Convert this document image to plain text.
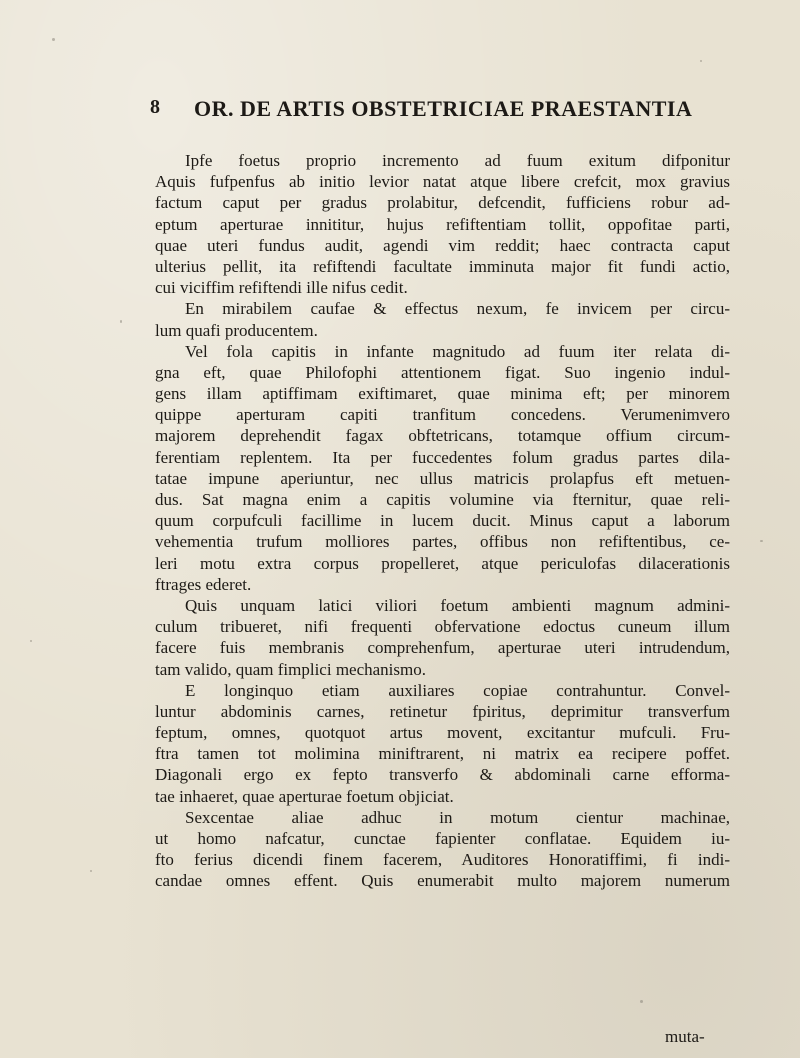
8 OR. DE ARTIS OBSTETRICIAE PRAESTANTIA
Ipfe foetus proprio incremento ad fuum exitum difponitur
Aquis fufpenfus ab initio levior natat atque libere crefcit, mox gravius
factum caput per gradus prolabitur, defcendit, fufficiens robur ad-
eptum aperturae innititur, hujus refiftentiam tollit, oppofitae parti,
quae uteri fundus audit, agendi vim reddit; haec contracta caput
ulterius pellit, ita refiftendi facultate imminuta major fit fundi actio,
cui viciffim refiftendi ille nifus cedit.
En mirabilem caufae & effectus nexum, fe invicem per circu-
lum quafi producentem.
Vel fola capitis in infante magnitudo ad fuum iter relata di-
gna eft, quae Philofophi attentionem figat. Suo ingenio indul-
gens illam aptiffimam exiftimaret, quae minima eft; per minorem
quippe aperturam capiti tranfitum concedens. Verumenimvero
majorem deprehendit fagax obftetricans, totamque offium circum-
ferentiam replentem. Ita per fuccedentes folum gradus partes dila-
tatae impune aperiuntur, nec ullus matricis prolapfus eft metuen-
dus. Sat magna enim a capitis volumine via fternitur, quae reli-
quum corpufculi facillime in lucem ducit. Minus caput a laborum
vehementia trufum molliores partes, offibus non refiftentibus, ce-
leri motu extra corpus propelleret, atque periculofas dilacerationis
ftrages ederet.
Quis unquam latici viliori foetum ambienti magnum admini-
culum tribueret, nifi frequenti obfervatione edoctus cuneum illum
facere fuis membranis comprehenfum, aperturae uteri intrudendum,
tam valido, quam fimplici mechanismo.
E longinquo etiam auxiliares copiae contrahuntur. Convel-
luntur abdominis carnes, retinetur fpiritus, deprimitur transverfum
feptum, omnes, quotquot artus movent, excitantur mufculi. Fru-
ftra tamen tot molimina miniftrarent, ni matrix ea recipere poffet.
Diagonali ergo ex fepto transverfo & abdominali carne efforma-
tae inhaeret, quae aperturae foetum objiciat.
Sexcentae aliae adhuc in motum cientur machinae,
ut homo nafcatur, cunctae fapienter conflatae. Equidem iu-
fto ferius dicendi finem facerem, Auditores Honoratiffimi, fi indi-
candae omnes effent. Quis enumerabit multo majorem numerum
muta-
